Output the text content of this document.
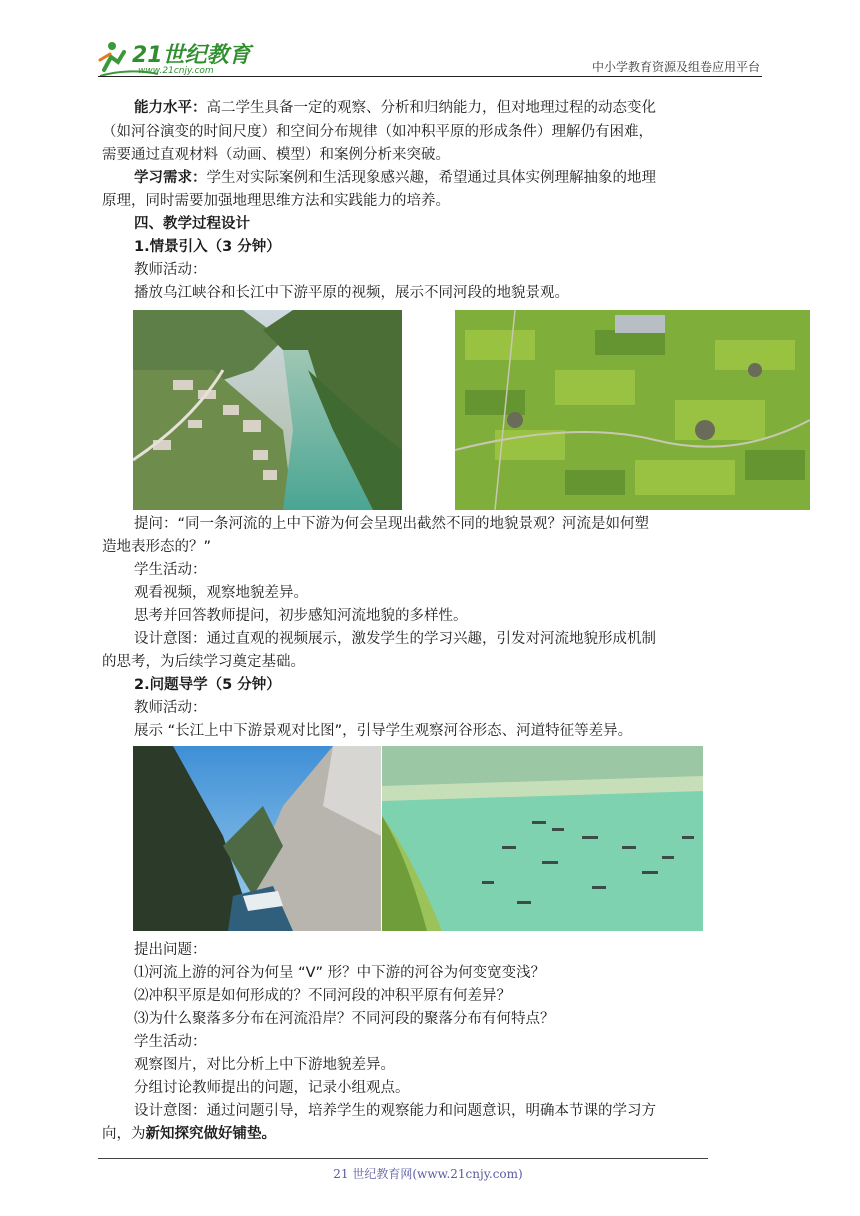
21世纪教育
www.21cnjy.com	中小学教育资源及组卷应用平台
能力水平：高二学生具备一定的观察、分析和归纳能力，但对地理过程的动态变化
（如河谷演变的时间尺度）和空间分布规律（如冲积平原的形成条件）理解仍有困难，
需要通过直观材料（动画、模型）和案例分析来突破。
学习需求：学生对实际案例和生活现象感兴趣，希望通过具体实例理解抽象的地理
原理，同时需要加强地理思维方法和实践能力的培养。
四、教学过程设计
1.情景引入（3 分钟）
教师活动：
播放乌江峡谷和长江中下游平原的视频，展示不同河段的地貌景观。
提问：“同一条河流的上中下游为何会呈现出截然不同的地貌景观？河流是如何塑
造地表形态的？”
学生活动：
观看视频，观察地貌差异。
思考并回答教师提问，初步感知河流地貌的多样性。
设计意图：通过直观的视频展示，激发学生的学习兴趣，引发对河流地貌形成机制
的思考，为后续学习奠定基础。
2.问题导学（5 分钟）
教师活动：
展示 “长江上中下游景观对比图”，引导学生观察河谷形态、河道特征等差异。
提出问题：
⑴河流上游的河谷为何呈 “V” 形？中下游的河谷为何变宽变浅？
⑵冲积平原是如何形成的？不同河段的冲积平原有何差异？
⑶为什么聚落多分布在河流沿岸？不同河段的聚落分布有何特点？
学生活动：
观察图片，对比分析上中下游地貌差异。
分组讨论教师提出的问题，记录小组观点。
设计意图：通过问题引导，培养学生的观察能力和问题意识，明确本节课的学习方
向，为新知探究做好铺垫。
21 世纪教育网(www.21cnjy.com)
